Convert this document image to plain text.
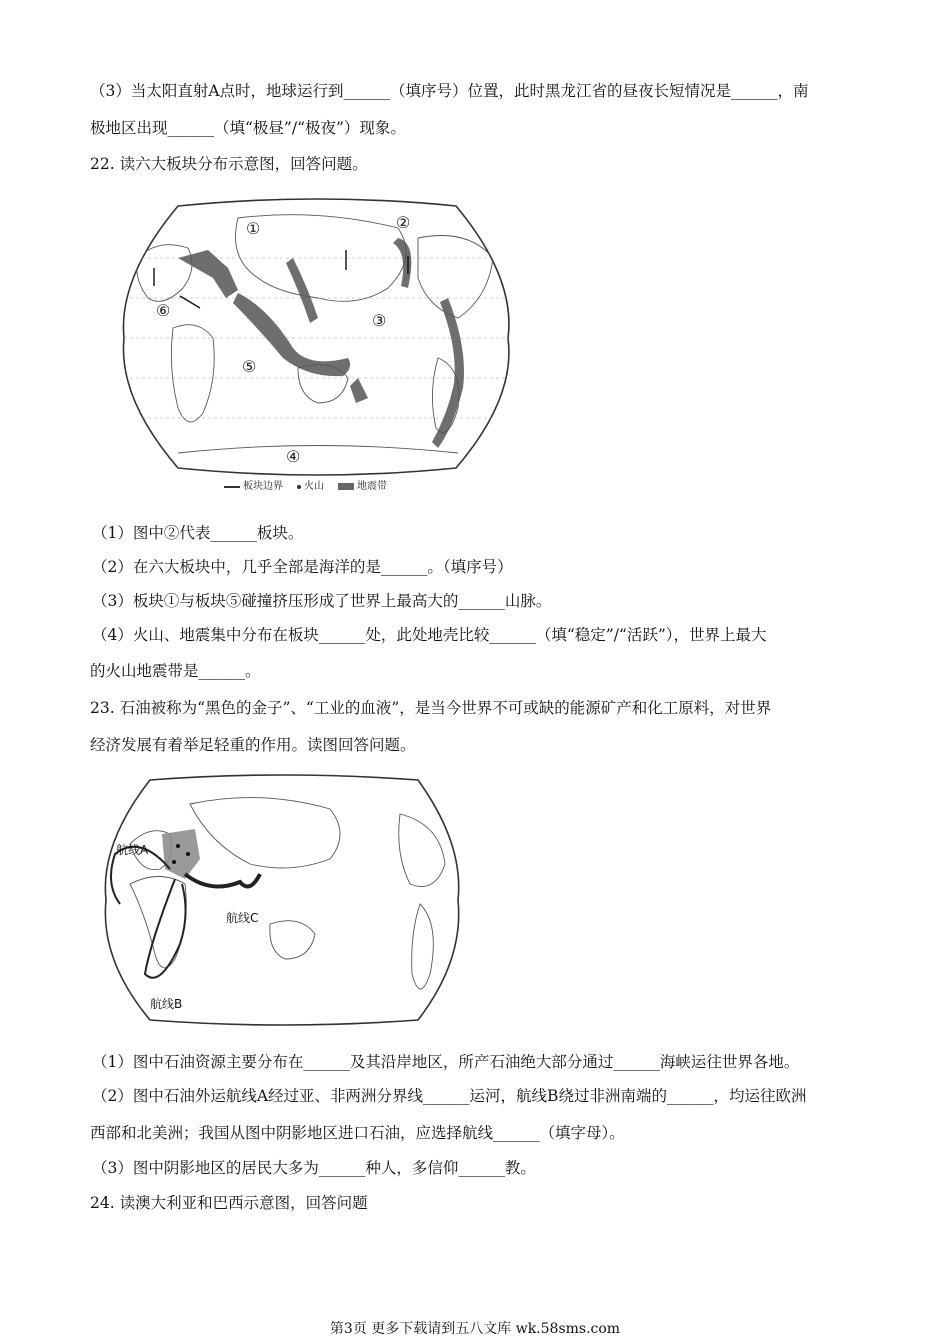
（3）当太阳直射A点时，地球运行到______（填序号）位置，此时黑龙江省的昼夜长短情况是______，南
极地区出现______（填“极昼”/“极夜”）现象。
22. 读六大板块分布示意图，回答问题。
①	②
③
④
⑤
⑥
板块边界	火山	地震带
（1）图中②代表______板块。
（2）在六大板块中，几乎全部是海洋的是______。（填序号）
（3）板块①与板块⑤碰撞挤压形成了世界上最高大的______山脉。
（4）火山、地震集中分布在板块______处，此处地壳比较______（填“稳定”/“活跃”），世界上最大
的火山地震带是______。
23. 石油被称为“黑色的金子”、“工业的血液”，是当今世界不可或缺的能源矿产和化工原料，对世界
经济发展有着举足轻重的作用。读图回答问题。
航线A
航线C
航线B
（1）图中石油资源主要分布在______及其沿岸地区，所产石油绝大部分通过______海峡运往世界各地。
（2）图中石油外运航线A经过亚、非两洲分界线______运河，航线B绕过非洲南端的______，均运往欧洲
西部和北美洲；我国从图中阴影地区进口石油，应选择航线______（填字母）。
（3）图中阴影地区的居民大多为______种人，多信仰______教。
24. 读澳大利亚和巴西示意图，回答问题
第3页 更多下载请到五八文库 wk.58sms.com
